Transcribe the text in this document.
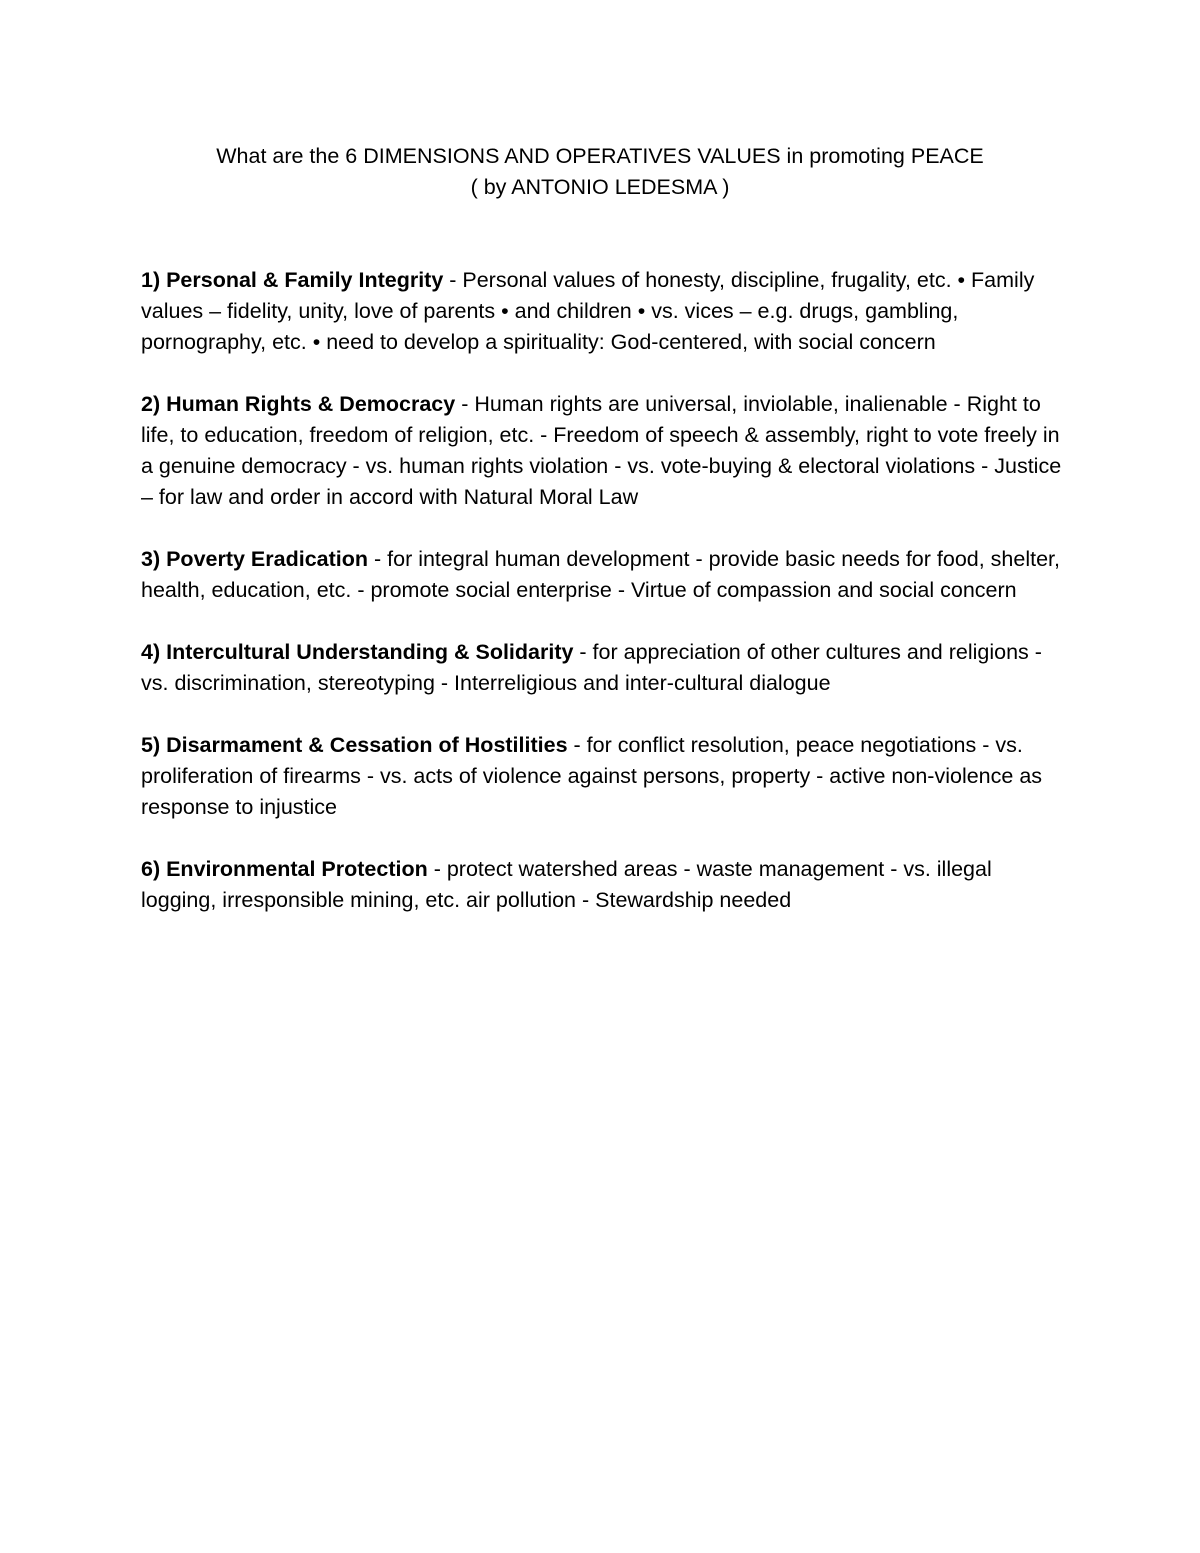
What are the 6 DIMENSIONS AND OPERATIVES VALUES in promoting PEACE
( by ANTONIO LEDESMA )

1) Personal & Family Integrity - Personal values of honesty, discipline, frugality, etc. • Family values – fidelity, unity, love of parents • and children • vs. vices – e.g. drugs, gambling, pornography, etc. • need to develop a spirituality: God-centered, with social concern

2) Human Rights & Democracy - Human rights are universal, inviolable, inalienable - Right to life, to education, freedom of religion, etc. - Freedom of speech & assembly, right to vote freely in a genuine democracy - vs. human rights violation - vs. vote-buying & electoral violations - Justice – for law and order in accord with Natural Moral Law

3) Poverty Eradication - for integral human development - provide basic needs for food, shelter, health, education, etc. - promote social enterprise - Virtue of compassion and social concern

4) Intercultural Understanding & Solidarity - for appreciation of other cultures and religions - vs. discrimination, stereotyping - Interreligious and inter-cultural dialogue

5) Disarmament & Cessation of Hostilities - for conflict resolution, peace negotiations - vs. proliferation of firearms - vs. acts of violence against persons, property - active non-violence as response to injustice

6) Environmental Protection - protect watershed areas - waste management - vs. illegal logging, irresponsible mining, etc. air pollution - Stewardship needed
